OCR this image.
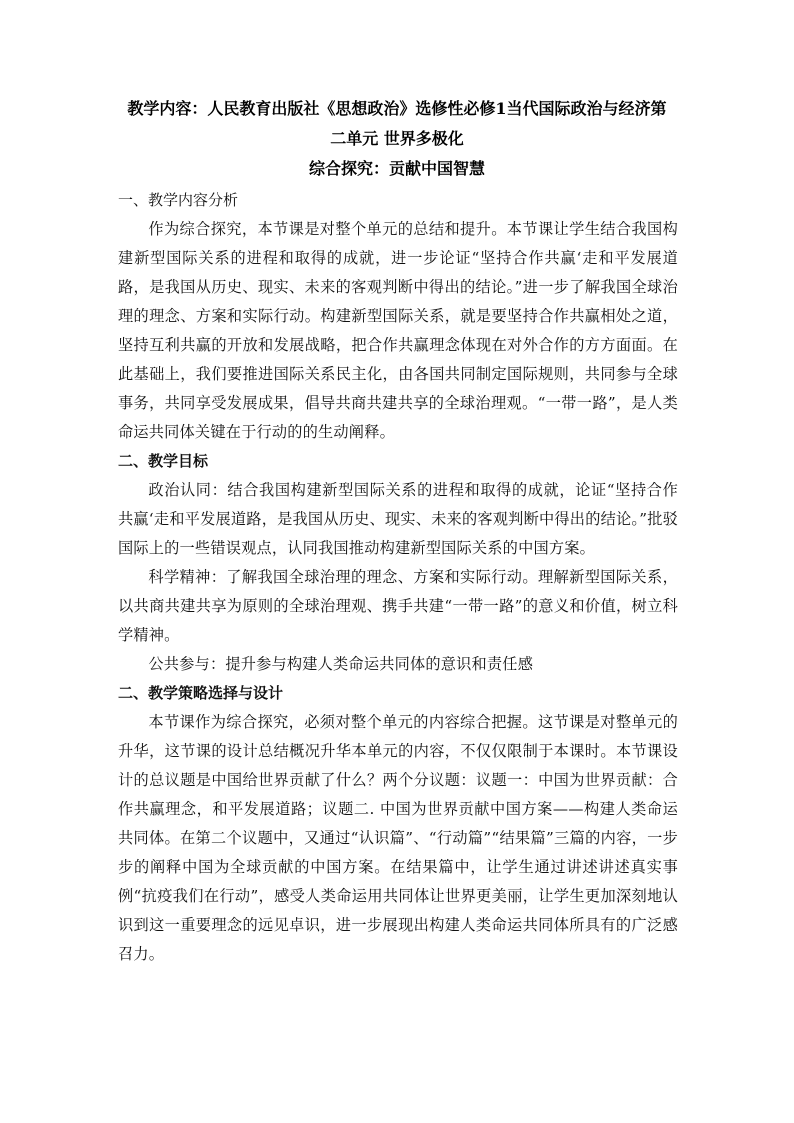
教学内容：人民教育出版社《思想政治》选修性必修1当代国际政治与经济第

二单元 世界多极化

综合探究：贡献中国智慧

一、教学内容分析

作为综合探究，本节课是对整个单元的总结和提升。本节课让学生结合我国构建新型国际关系的进程和取得的成就，进一步论证“坚持合作共赢‘走和平发展道路，是我国从历史、现实、未来的客观判断中得出的结论。”进一步了解我国全球治理的理念、方案和实际行动。构建新型国际关系，就是要坚持合作共赢相处之道，坚持互利共赢的开放和发展战略，把合作共赢理念体现在对外合作的方方面面。在此基础上，我们要推进国际关系民主化，由各国共同制定国际规则，共同参与全球事务，共同享受发展成果，倡导共商共建共享的全球治理观。“一带一路”，是人类命运共同体关键在于行动的的生动阐释。

二、教学目标

政治认同：结合我国构建新型国际关系的进程和取得的成就，论证“坚持合作共赢‘走和平发展道路，是我国从历史、现实、未来的客观判断中得出的结论。”批驳国际上的一些错误观点，认同我国推动构建新型国际关系的中国方案。

科学精神：了解我国全球治理的理念、方案和实际行动。理解新型国际关系，以共商共建共享为原则的全球治理观、携手共建“一带一路”的意义和价值，树立科学精神。

公共参与：提升参与构建人类命运共同体的意识和责任感

二、教学策略选择与设计

本节课作为综合探究，必须对整个单元的内容综合把握。这节课是对整单元的升华，这节课的设计总结概况升华本单元的内容，不仅仅限制于本课时。本节课设计的总议题是中国给世界贡献了什么？两个分议题：议题一：中国为世界贡献：合作共赢理念，和平发展道路；议题二. 中国为世界贡献中国方案——构建人类命运共同体。在第二个议题中，又通过“认识篇”、“行动篇”“结果篇”三篇的内容，一步步的阐释中国为全球贡献的中国方案。在结果篇中，让学生通过讲述讲述真实事例“抗疫我们在行动”，感受人类命运用共同体让世界更美丽，让学生更加深刻地认识到这一重要理念的远见卓识，进一步展现出构建人类命运共同体所具有的广泛感召力。
